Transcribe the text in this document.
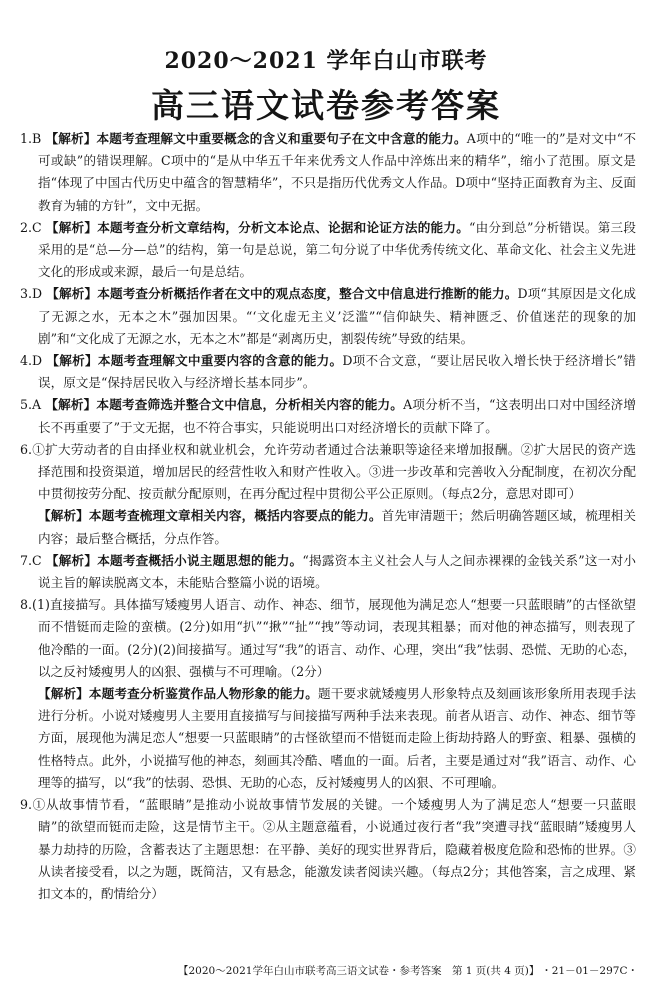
2020～2021 学年白山市联考
高三语文试卷参考答案

1.B 【解析】本题考查理解文中重要概念的含义和重要句子在文中含意的能力。A项中的“唯一的”是对文中“不可或缺”的错误理解。C项中的“是从中华五千年来优秀文人作品中淬炼出来的精华”，缩小了范围。原文是指“体现了中国古代历史中蕴含的智慧精华”，不只是指历代优秀文人作品。D项中“坚持正面教育为主、反面教育为辅的方针”，文中无据。

2.C 【解析】本题考查分析文章结构，分析文本论点、论据和论证方法的能力。“由分到总”分析错误。第三段采用的是“总—分—总”的结构，第一句是总说，第二句分说了中华优秀传统文化、革命文化、社会主义先进文化的形成或来源，最后一句是总结。

3.D 【解析】本题考查分析概括作者在文中的观点态度，整合文中信息进行推断的能力。D项“其原因是文化成了无源之水，无本之木”强加因果。“‘文化虚无主义’泛滥”“信仰缺失、精神匮乏、价值迷茫的现象的加剧”和“文化成了无源之水，无本之木”都是“剥离历史，割裂传统”导致的结果。

4.D 【解析】本题考查理解文中重要内容的含意的能力。D项不合文意，“要让居民收入增长快于经济增长”错误，原文是“保持居民收入与经济增长基本同步”。

5.A 【解析】本题考查筛选并整合文中信息，分析相关内容的能力。A项分析不当，“这表明出口对中国经济增长不再重要了”于文无据，也不符合事实，只能说明出口对经济增长的贡献下降了。

6.①扩大劳动者的自由择业权和就业机会，允许劳动者通过合法兼职等途径来增加报酬。②扩大居民的资产选择范围和投资渠道，增加居民的经营性收入和财产性收入。③进一步改革和完善收入分配制度，在初次分配中贯彻按劳分配、按贡献分配原则，在再分配过程中贯彻公平公正原则。（每点2分，意思对即可）

【解析】本题考查梳理文章相关内容，概括内容要点的能力。首先审清题干；然后明确答题区域，梳理相关内容；最后整合概括，分点作答。

7.C 【解析】本题考查概括小说主题思想的能力。“揭露资本主义社会人与人之间赤裸裸的金钱关系”这一对小说主旨的解读脱离文本，未能贴合整篇小说的语境。

8.(1)直接描写。具体描写矮瘦男人语言、动作、神态、细节，展现他为满足恋人“想要一只蓝眼睛”的古怪欲望而不惜铤而走险的蛮横。(2分)如用“扒”“揪”“扯”“拽”等动词，表现其粗暴；而对他的神态描写，则表现了他冷酷的一面。(2分)(2)间接描写。通过写“我”的语言、动作、心理，突出“我”怯弱、恐慌、无助的心态，以之反衬矮瘦男人的凶狠、强横与不可理喻。（2分）

【解析】本题考查分析鉴赏作品人物形象的能力。题干要求就矮瘦男人形象特点及刻画该形象所用表现手法进行分析。小说对矮瘦男人主要用直接描写与间接描写两种手法来表现。前者从语言、动作、神态、细节等方面，展现他为满足恋人“想要一只蓝眼睛”的古怪欲望而不惜铤而走险上街劫持路人的野蛮、粗暴、强横的性格特点。此外，小说描写他的神态，刻画其冷酷、嗜血的一面。后者，主要是通过对“我”语言、动作、心理等的描写，以“我”的怯弱、恐惧、无助的心态，反衬矮瘦男人的凶狠、不可理喻。

9.①从故事情节看，“蓝眼睛”是推动小说故事情节发展的关键。一个矮瘦男人为了满足恋人“想要一只蓝眼睛”的欲望而铤而走险，这是情节主干。②从主题意蕴看，小说通过夜行者“我”突遭寻找“蓝眼睛”矮瘦男人暴力劫持的历险，含蓄表达了主题思想：在平静、美好的现实世界背后，隐藏着极度危险和恐怖的世界。③从读者接受看，以之为题，既简洁，又有悬念，能激发读者阅读兴趣。（每点2分；其他答案，言之成理、紧扣文本的，酌情给分）

【2020～2021学年白山市联考高三语文试卷・参考答案　第 1 页(共 4 页)】 ・21－01－297C・
